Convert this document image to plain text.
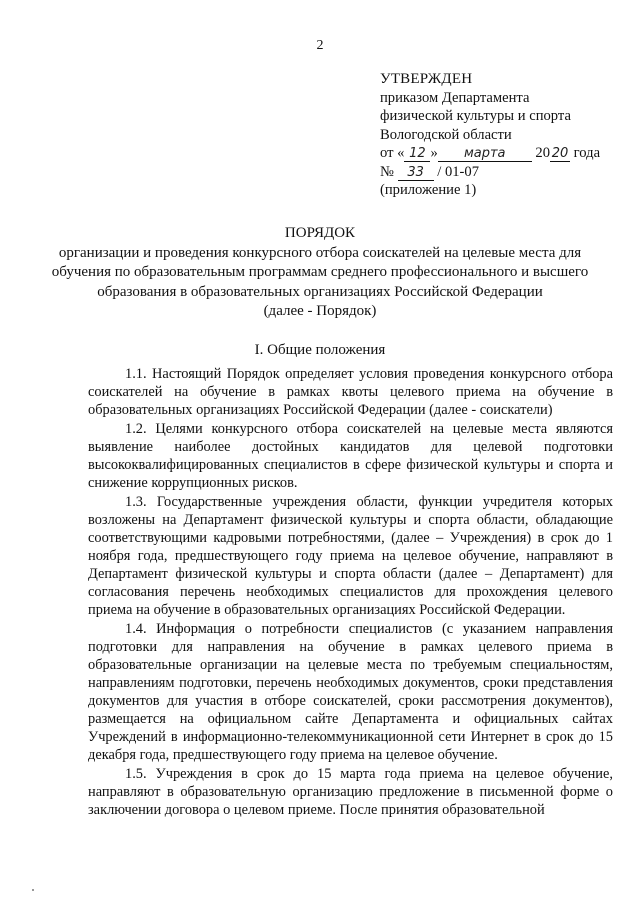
2
УТВЕРЖДЕН
приказом Департамента
физической культуры и спорта
Вологодской области
от « 12 » марта 20 20 года
№ 33 / 01-07
(приложение 1)
ПОРЯДОК
организации и проведения конкурсного отбора соискателей на целевые места для обучения по образовательным программам среднего профессионального и высшего образования в образовательных организациях Российской Федерации
(далее - Порядок)
I. Общие положения

1.1. Настоящий Порядок определяет условия проведения конкурсного отбора соискателей на обучение в рамках квоты целевого приема на обучение в образовательных организациях Российской Федерации (далее - соискатели)

1.2. Целями конкурсного отбора соискателей на целевые места являются выявление наиболее достойных кандидатов для целевой подготовки высококвалифицированных специалистов в сфере физической культуры и спорта и снижение коррупционных рисков.

1.3. Государственные учреждения области, функции учредителя которых возложены на Департамент физической культуры и спорта области, обладающие соответствующими кадровыми потребностями, (далее – Учреждения) в срок до 1 ноября года, предшествующего году приема на целевое обучение, направляют в Департамент физической культуры и спорта области (далее – Департамент) для согласования перечень необходимых специалистов для прохождения целевого приема на обучение в образовательных организациях Российской Федерации.

1.4. Информация о потребности специалистов (с указанием направления подготовки для направления на обучение в рамках целевого приема в образовательные организации на целевые места по требуемым специальностям, направлениям подготовки, перечень необходимых документов, сроки представления документов для участия в отборе соискателей, сроки рассмотрения документов), размещается на официальном сайте Департамента и официальных сайтах Учреждений в информационно-телекоммуникационной сети Интернет в срок до 15 декабря года, предшествующего году приема на целевое обучение.

1.5. Учреждения в срок до 15 марта года приема на целевое обучение, направляют в образовательную организацию предложение в письменной форме о заключении договора о целевом приеме. После принятия образовательной
